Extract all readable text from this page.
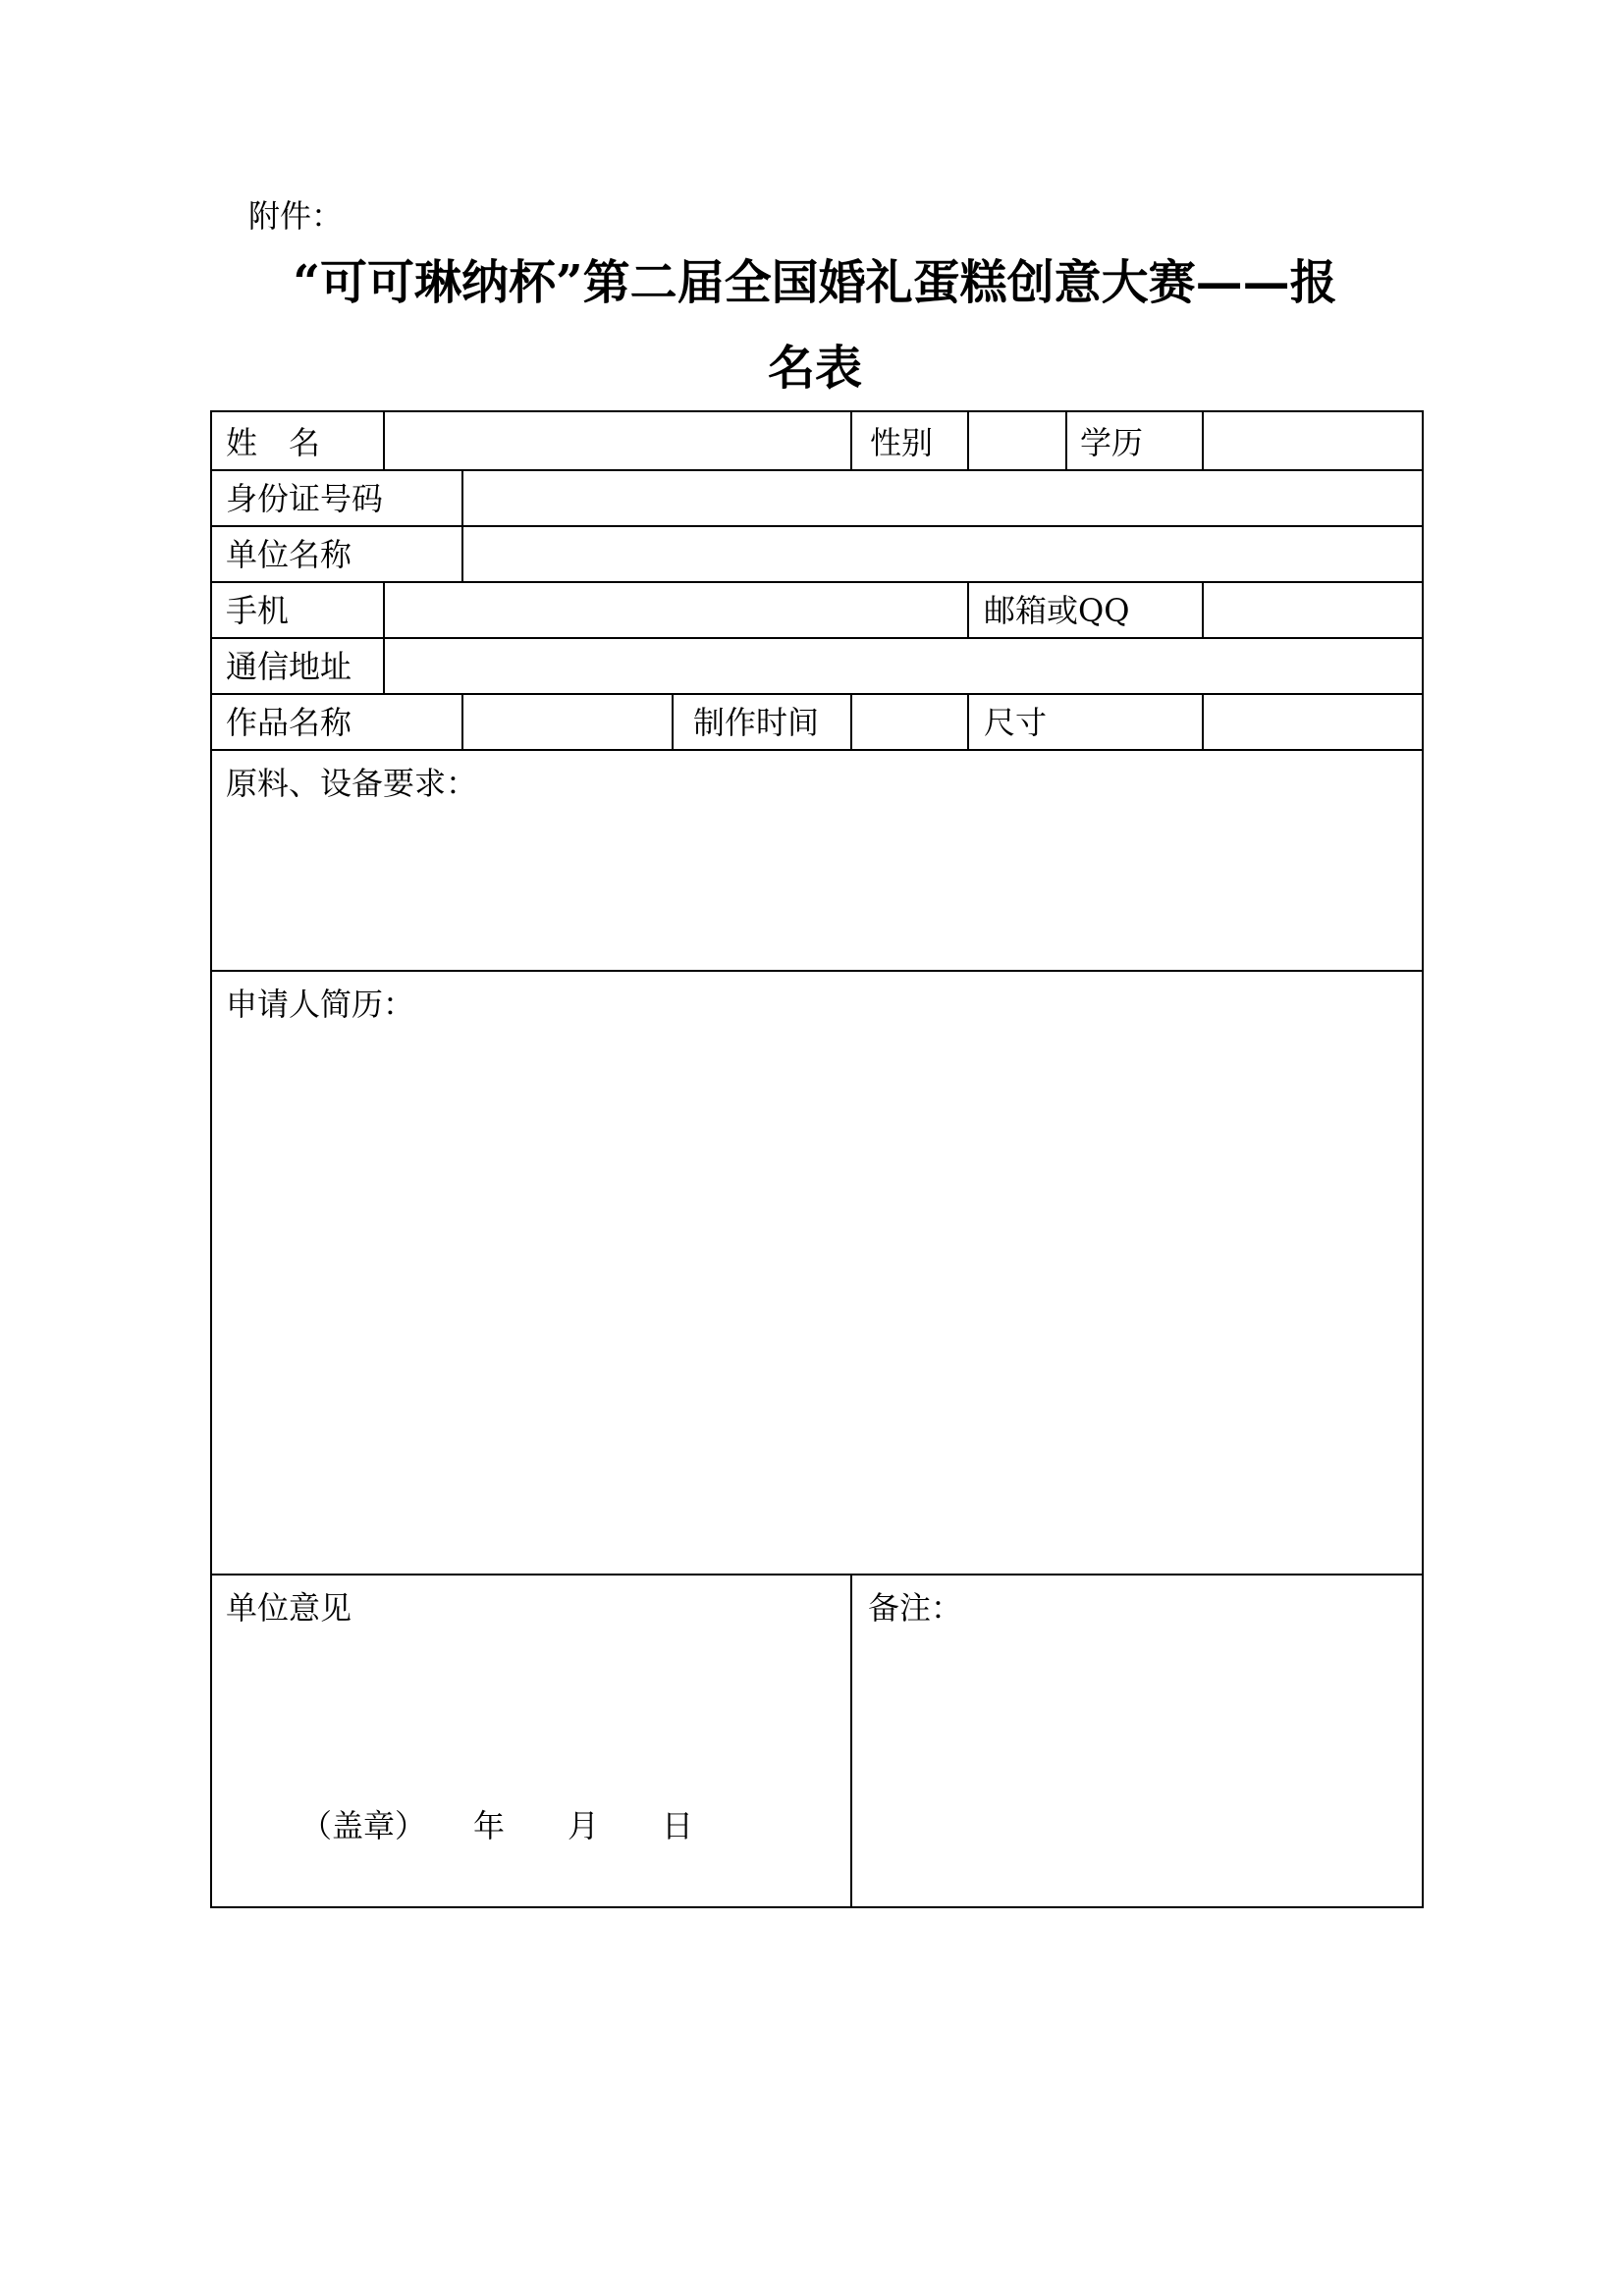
附件：
“可可琳纳杯”第二届全国婚礼蛋糕创意大赛——报
名表
姓　名	性别	学历
身份证号码
单位名称
手机	邮箱或QQ
通信地址
作品名称	制作时间	尺寸
原料、设备要求：
申请人简历：
单位意见	备注：
（盖章）　　年　　月　　日
